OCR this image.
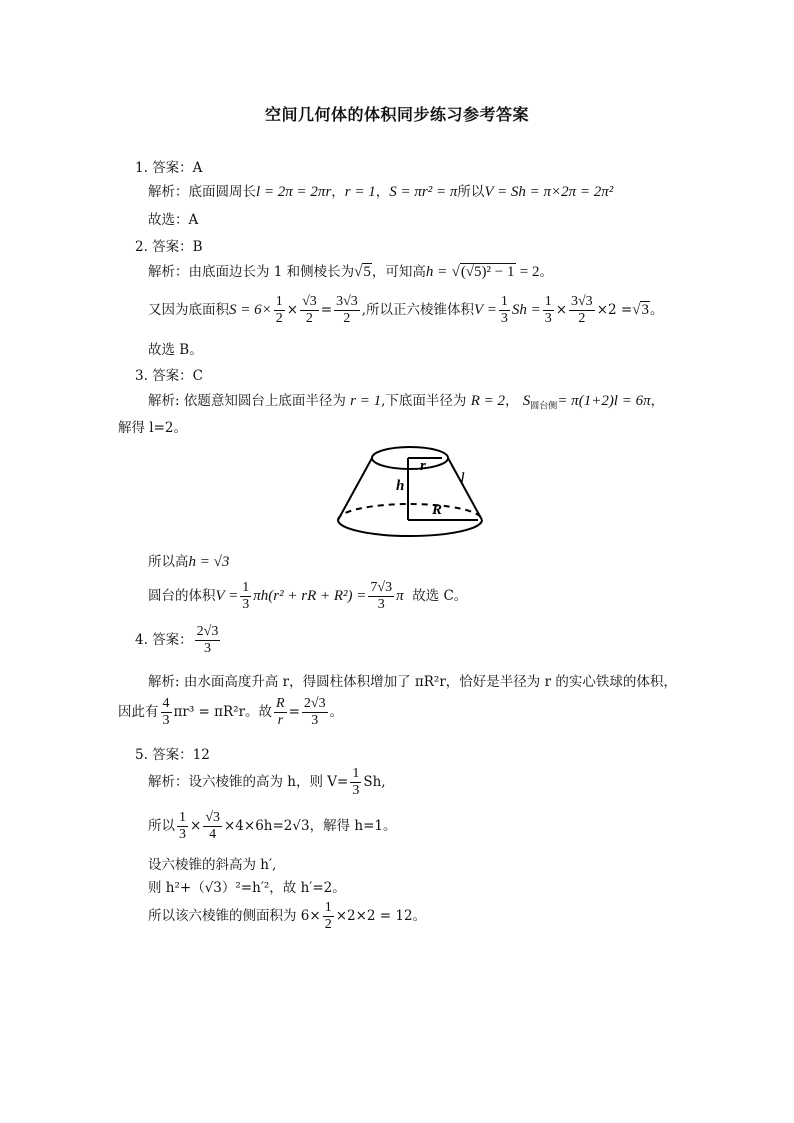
空间几何体的体积同步练习参考答案
1. 答案：A
解析：底面圆周长l = 2π = 2πr，r = 1，S = πr² = π所以V = Sh = π×2π = 2π²
故选：A
2. 答案：B
解析：由底面边长为 1 和侧棱长为√5，可知高h = √(√5)² − 1 = 2。
又因为底面积$S = 6\times \frac{1}{2} \times \frac{√3}{2} = \frac{3√3}{2}$ ,所以正六棱锥体积$V = \frac{1}{3}$ $Sh = \frac{1}{3} \times \frac{3√3}{2} \times 2 =√3$。
故选 B。
3. 答案：C
解析: 依题意知圆台上底面半径为 r = 1,下底面半径为 R = 2， $S_{圆台侧}= \pi(1+2)l = 6\pi$，
解得 l=2。
r
l
h
R
所以高h = √3
圆台的体积$V = \frac{1}{3} \pi h(r^2$ + rR + $R^2) = \frac{7√3}{3}$ π 故选 C。
4. 答案： $\frac{2√3}{3}$
解析: 由水面高度升高 r，得圆柱体积增加了 πR²r，恰好是半径为 r 的实心铁球的体积，
因此有 $\frac{4}{3} \pi r^3 = \pi R^2r$。故 $\frac{R}{r} = \frac{2√3}{3}$ 。
5. 答案：12
解析：设六棱锥的高为 h，则 $V= \frac{1}{3} Sh$,
所以 $\frac{1}{3} \times \frac{√3}{4} \times 4\times 6h=2√3$，解得 h=1。
设六棱锥的斜高为 h′,
则 h²+（√3）²=h′²，故 h′=2。
所以该六棱锥的侧面积为 $6\times \frac{1}{2} \times 2\times 2 = 12$。
